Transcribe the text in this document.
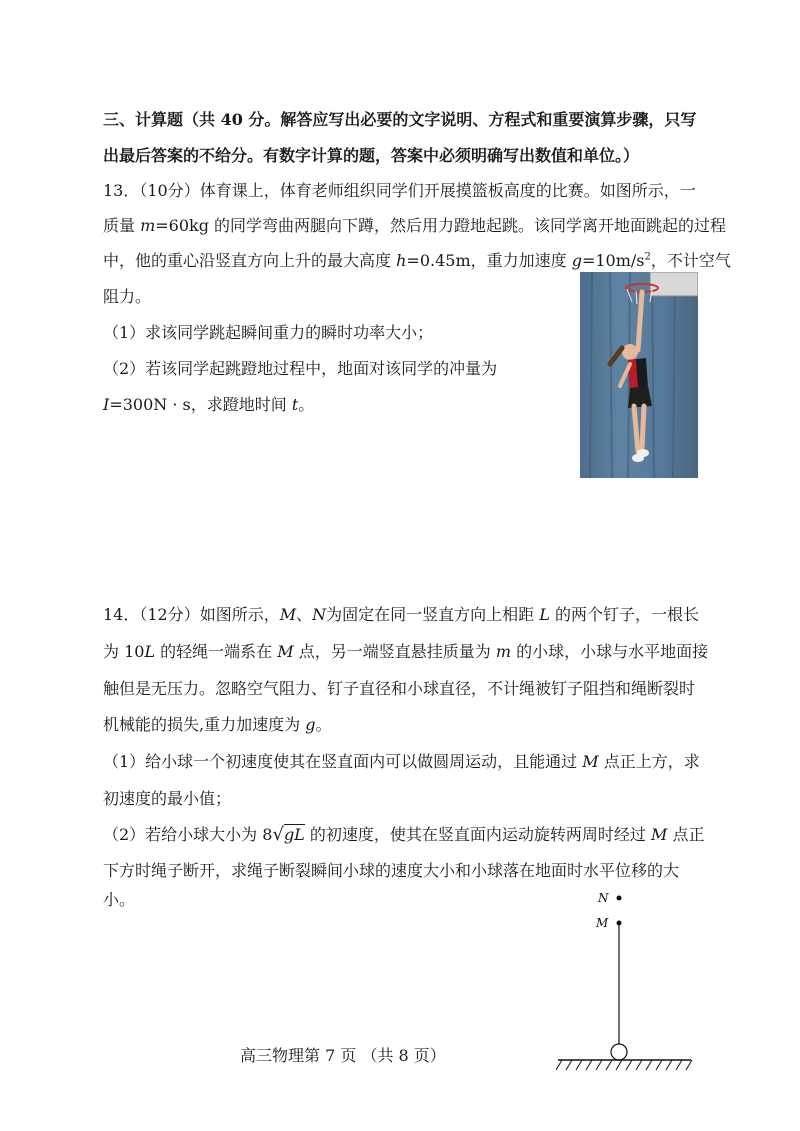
三、计算题（共 40 分。解答应写出必要的文字说明、方程式和重要演算步骤，只写
出最后答案的不给分。有数字计算的题，答案中必须明确写出数值和单位。）
13．（10分）体育课上，体育老师组织同学们开展摸篮板高度的比赛。如图所示，一
质量 m=60kg 的同学弯曲两腿向下蹲，然后用力蹬地起跳。该同学离开地面跳起的过程
中，他的重心沿竖直方向上升的最大高度 h=0.45m，重力加速度 $g=10m/s^2$，不计空气
阻力。
（1）求该同学跳起瞬间重力的瞬时功率大小；
（2）若该同学起跳蹬地过程中，地面对该同学的冲量为
I=300N · s，求蹬地时间 t。
14．（12分）如图所示，M、N为固定在同一竖直方向上相距 L 的两个钉子，一根长
为 10L 的轻绳一端系在 M 点，另一端竖直悬挂质量为 m 的小球，小球与水平地面接
触但是无压力。忽略空气阻力、钉子直径和小球直径，不计绳被钉子阻挡和绳断裂时
机械能的损失,重力加速度为 g。
（1）给小球一个初速度使其在竖直面内可以做圆周运动，且能通过 M 点正上方，求
初速度的最小值；
（2）若给小球大小为 8√gL 的初速度，使其在竖直面内运动旋转两周时经过 M 点正
下方时绳子断开，求绳子断裂瞬间小球的速度大小和小球落在地面时水平位移的大
小。	N
M
高三物理第 7 页 （共 8 页）
